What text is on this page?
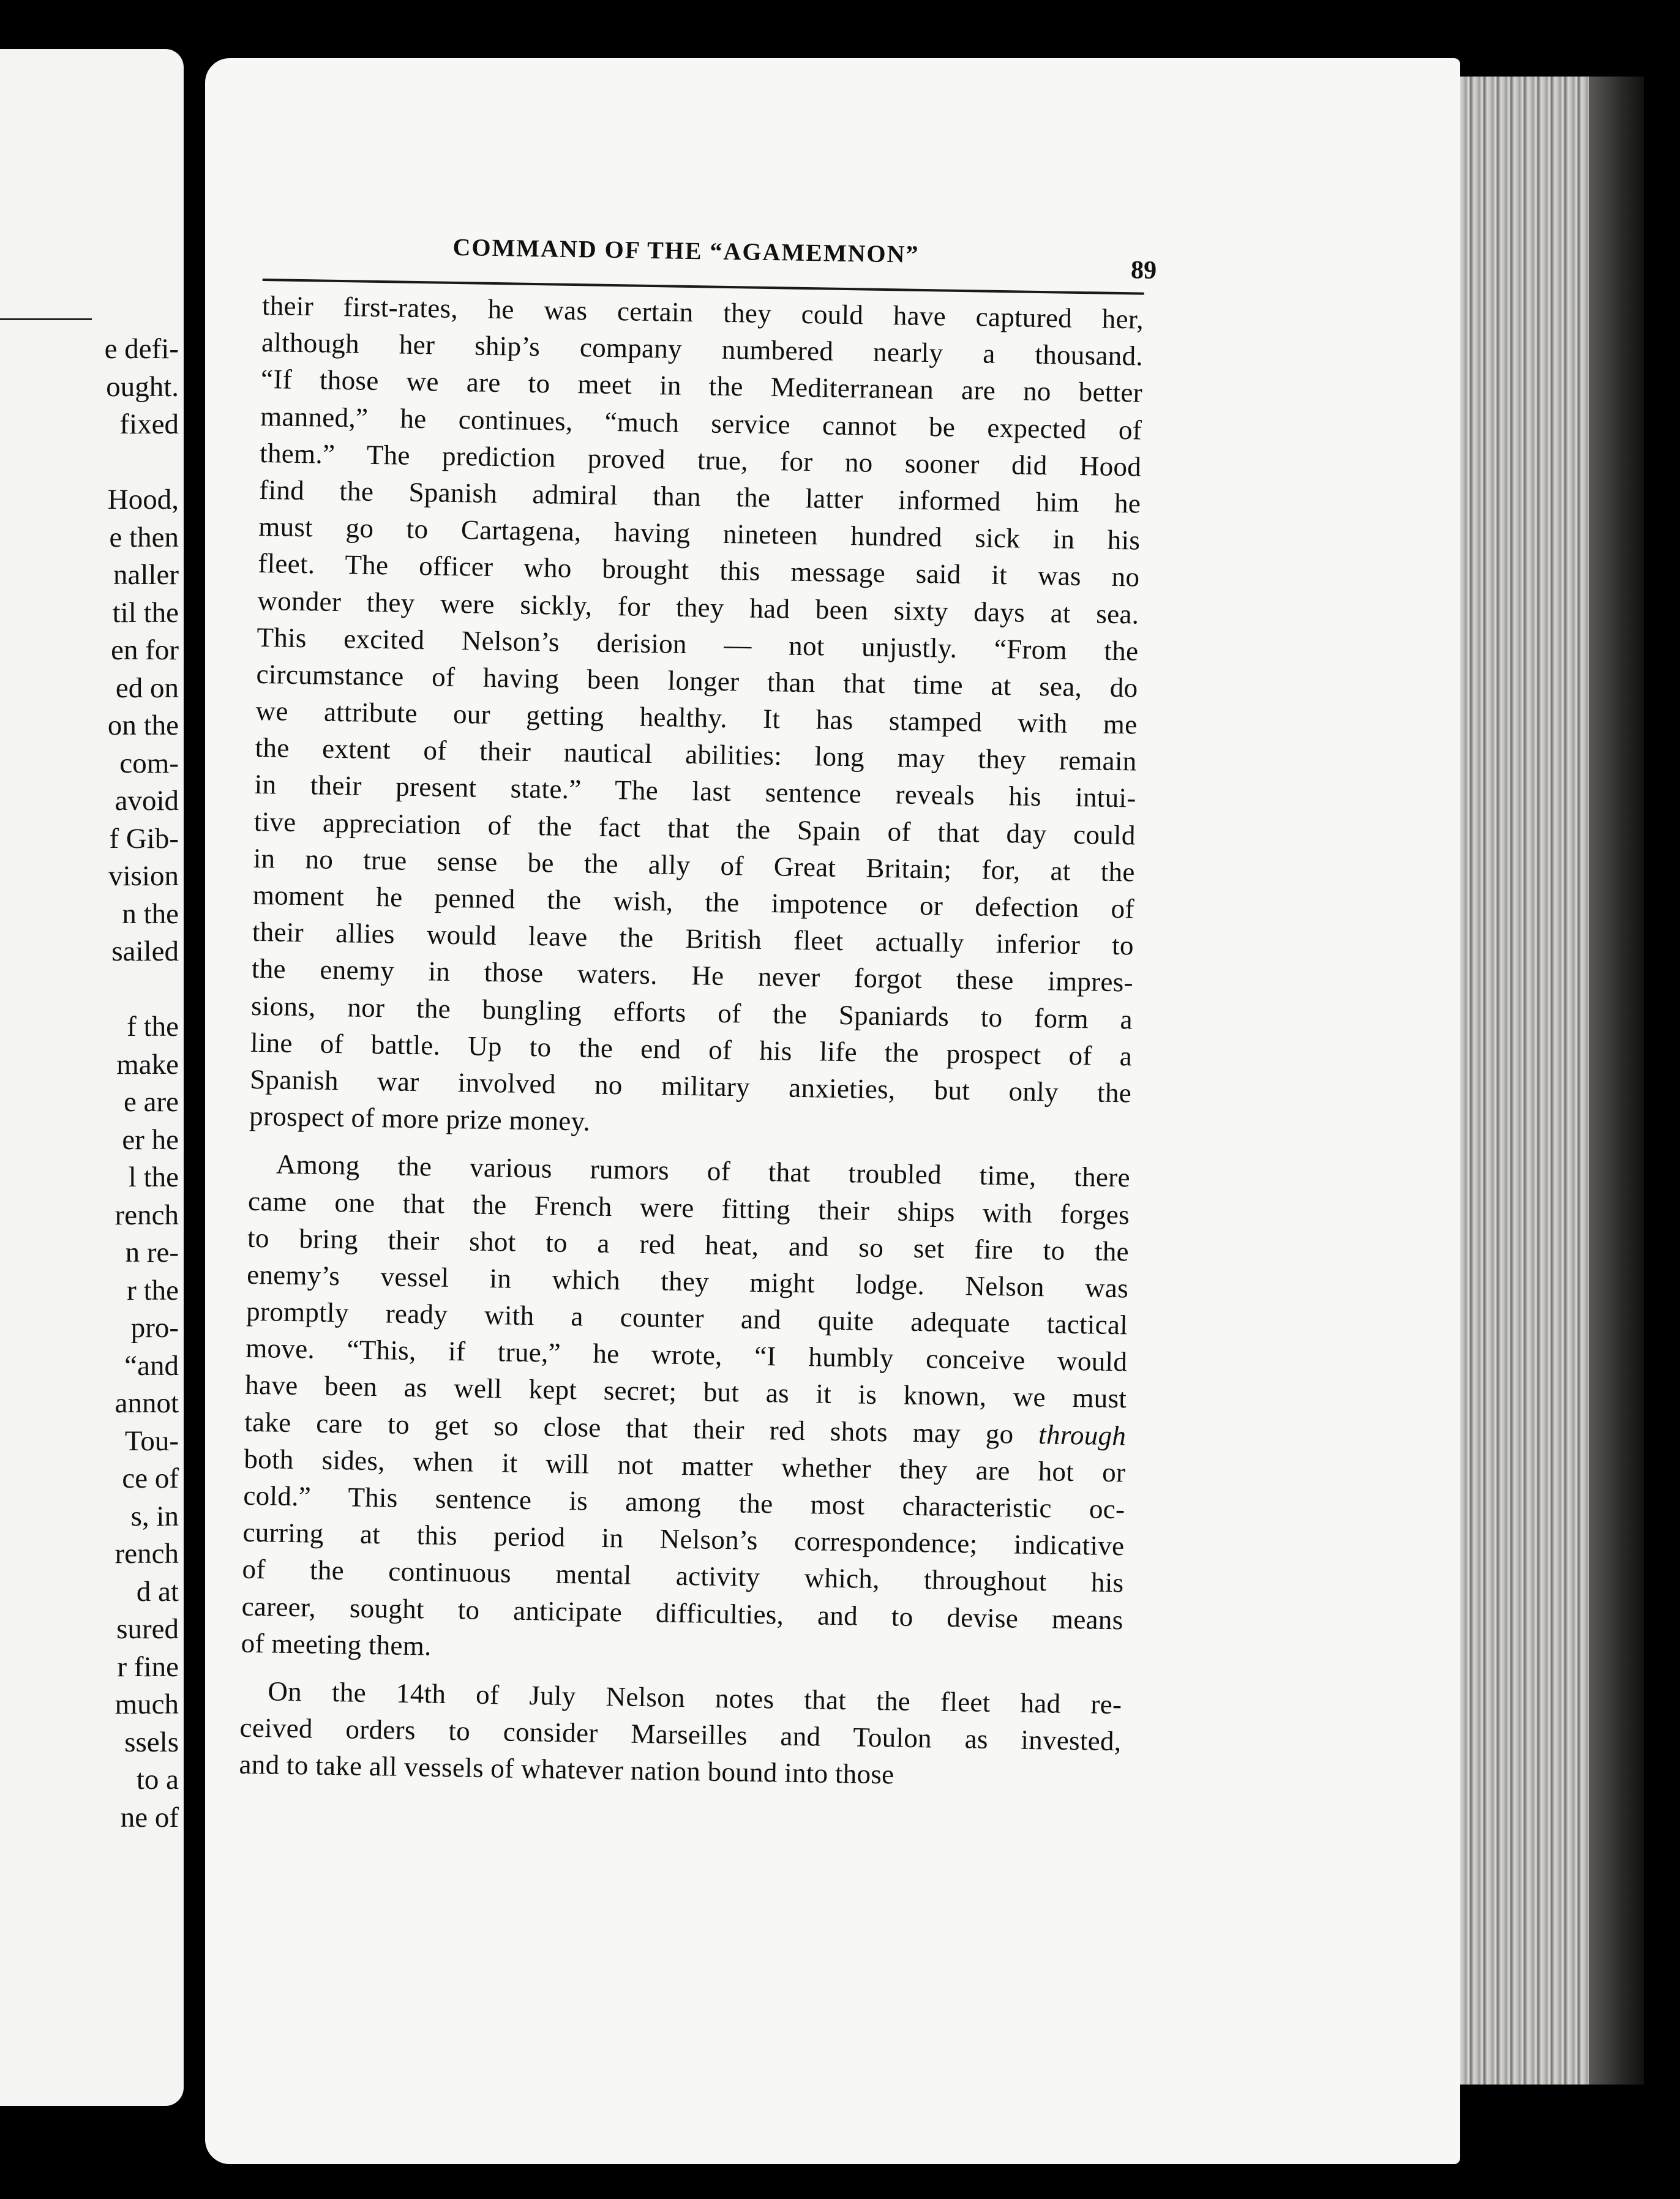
e defi-
ought.
fixed
Hood,
e then
naller
til the
en for
ed on
on the
com-
avoid
f Gib-
vision
n the
sailed
f the
make
e are
er he
l the
rench
n re-
r the
pro-
“and
annot
Tou-
ce of
s, in
rench
d at
sured
r fine
much
ssels
to a
ne of
COMMAND OF THE “AGAMEMNON”
89
their first-rates, he was certain they could have captured her,
although her ship’s company numbered nearly a thousand.
“If those we are to meet in the Mediterranean are no better
manned,” he continues, “much service cannot be expected of
them.” The prediction proved true, for no sooner did Hood
find the Spanish admiral than the latter informed him he
must go to Cartagena, having nineteen hundred sick in his
fleet. The officer who brought this message said it was no
wonder they were sickly, for they had been sixty days at sea.
This excited Nelson’s derision — not unjustly. “From the
circumstance of having been longer than that time at sea, do
we attribute our getting healthy. It has stamped with me
the extent of their nautical abilities: long may they remain
in their present state.” The last sentence reveals his intui-
tive appreciation of the fact that the Spain of that day could
in no true sense be the ally of Great Britain; for, at the
moment he penned the wish, the impotence or defection of
their allies would leave the British fleet actually inferior to
the enemy in those waters. He never forgot these impres-
sions, nor the bungling efforts of the Spaniards to form a
line of battle. Up to the end of his life the prospect of a
Spanish war involved no military anxieties, but only the
prospect of more prize money.
Among the various rumors of that troubled time, there
came one that the French were fitting their ships with forges
to bring their shot to a red heat, and so set fire to the
enemy’s vessel in which they might lodge. Nelson was
promptly ready with a counter and quite adequate tactical
move. “This, if true,” he wrote, “I humbly conceive would
have been as well kept secret; but as it is known, we must
take care to get so close that their red shots may go through
both sides, when it will not matter whether they are hot or
cold.” This sentence is among the most characteristic oc-
curring at this period in Nelson’s correspondence; indicative
of the continuous mental activity which, throughout his
career, sought to anticipate difficulties, and to devise means
of meeting them.
On the 14th of July Nelson notes that the fleet had re-
ceived orders to consider Marseilles and Toulon as invested,
and to take all vessels of whatever nation bound into those
